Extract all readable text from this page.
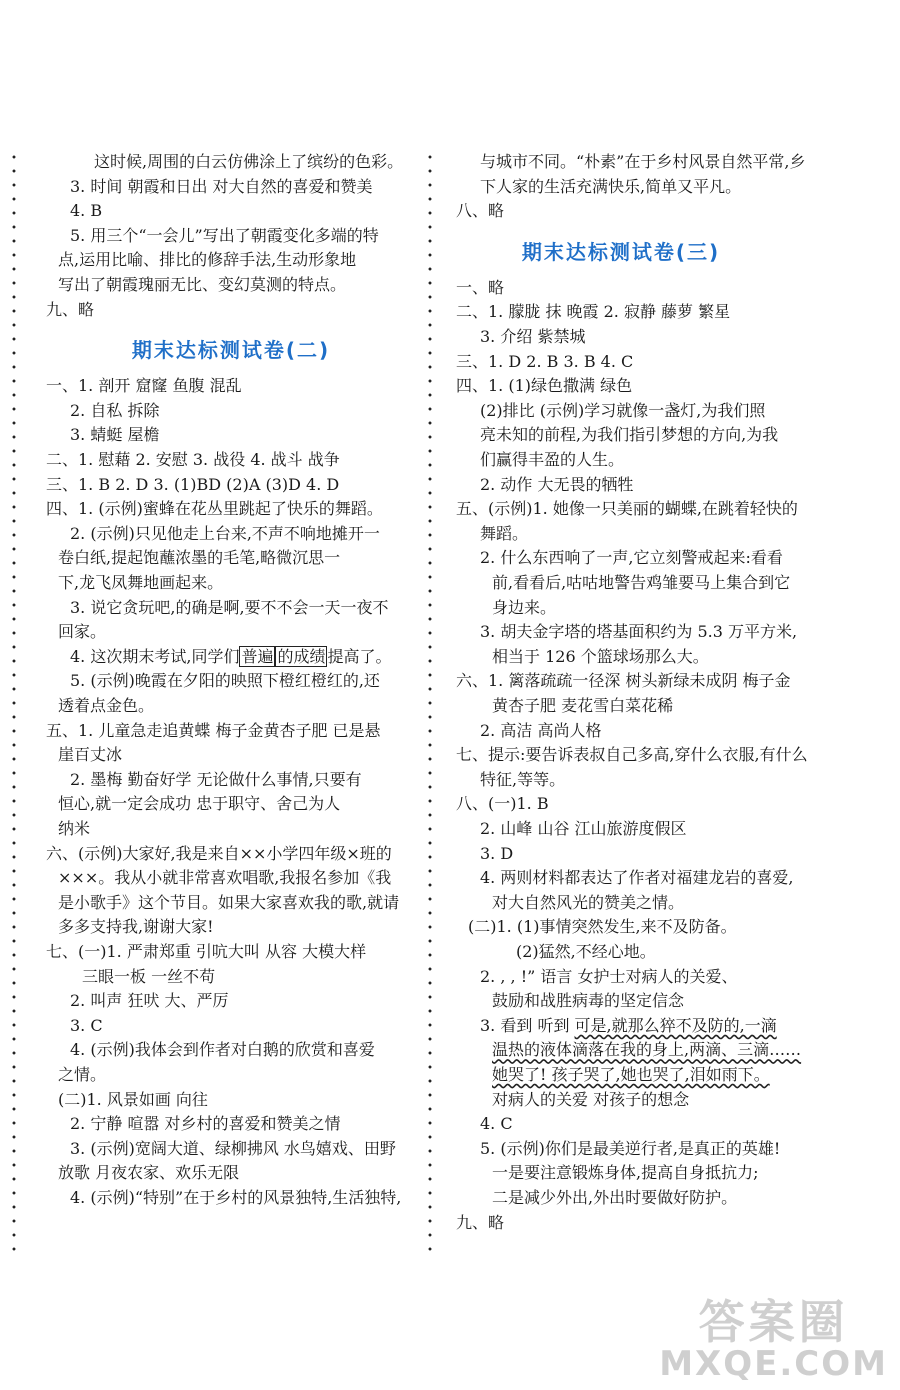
这时候,周围的白云仿佛涂上了缤纷的色彩。
3. 时间 朝霞和日出 对大自然的喜爱和赞美
4. B
5. 用三个“一会儿”写出了朝霞变化多端的特
点,运用比喻、排比的修辞手法,生动形象地
写出了朝霞瑰丽无比、变幻莫测的特点。
九、略
期末达标测试卷(二)
一、1. 剖开 窟窿 鱼腹 混乱
2. 自私 拆除
3. 蜻蜓 屋檐
二、1. 慰藉 2. 安慰 3. 战役 4. 战斗 战争
三、1. B 2. D 3. (1)BD (2)A (3)D 4. D
四、1. (示例)蜜蜂在花丛里跳起了快乐的舞蹈。
2. (示例)只见他走上台来,不声不响地摊开一
卷白纸,提起饱蘸浓墨的毛笔,略微沉思一
下,龙飞凤舞地画起来。
3. 说它贪玩吧,的确是啊,要不不会一天一夜不
回家。
4. 这次期末考试,同学们 普遍 的成绩 提高了。
5. (示例)晚霞在夕阳的映照下橙红橙红的,还
透着点金色。
五、1. 儿童急走追黄蝶 梅子金黄杏子肥 已是悬
崖百丈冰
2. 墨梅 勤奋好学 无论做什么事情,只要有
恒心,就一定会成功 忠于职守、舍己为人
纳米
六、(示例)大家好,我是来自××小学四年级×班的
×××。我从小就非常喜欢唱歌,我报名参加《我
是小歌手》这个节目。如果大家喜欢我的歌,就请
多多支持我,谢谢大家!
七、(一)1. 严肃郑重 引吭大叫 从容 大模大样
三眼一板 一丝不苟
2. 叫声 狂吠 大、严厉
3. C
4. (示例)我体会到作者对白鹅的欣赏和喜爱
之情。
(二)1. 风景如画 向往
2. 宁静 喧嚣 对乡村的喜爱和赞美之情
3. (示例)宽阔大道、绿柳拂风 水鸟嬉戏、田野
放歌 月夜农家、欢乐无限
4. (示例)“特别”在于乡村的风景独特,生活独特,
与城市不同。“朴素”在于乡村风景自然平常,乡
下人家的生活充满快乐,简单又平凡。
八、略
期末达标测试卷(三)
一、略
二、1. 朦胧 抹 晚霞 2. 寂静 藤萝 繁星
3. 介绍 紫禁城
三、1. D 2. B 3. B 4. C
四、1. (1)绿色撒满 绿色
(2)排比 (示例)学习就像一盏灯,为我们照
亮未知的前程,为我们指引梦想的方向,为我
们赢得丰盈的人生。
2. 动作 大无畏的牺牲
五、(示例)1. 她像一只美丽的蝴蝶,在跳着轻快的
舞蹈。
2. 什么东西响了一声,它立刻警戒起来:看看
前,看看后,咕咕地警告鸡雏要马上集合到它
身边来。
3. 胡夫金字塔的塔基面积约为 5.3 万平方米,
相当于 126 个篮球场那么大。
六、1. 篱落疏疏一径深 树头新绿未成阴 梅子金
黄杏子肥 麦花雪白菜花稀
2. 高洁 高尚人格
七、提示:要告诉表叔自己多高,穿什么衣服,有什么
特征,等等。
八、(一)1. B
2. 山峰 山谷 江山旅游度假区
3. D
4. 两则材料都表达了作者对福建龙岩的喜爱,
对大自然风光的赞美之情。
(二)1. (1)事情突然发生,来不及防备。
(2)猛然,不经心地。
2. , , !” 语言 女护士对病人的关爱、
鼓励和战胜病毒的坚定信念
3. 看到 听到 可是,就那么猝不及防的,一滴
温热的液体滴落在我的身上,两滴、三滴……
她哭了! 孩子哭了,她也哭了,泪如雨下。
对病人的关爱 对孩子的想念
4. C
5. (示例)你们是最美逆行者,是真正的英雄!
一是要注意锻炼身体,提高自身抵抗力;
二是减少外出,外出时要做好防护。
九、略
答案圈
MXQE.COM
